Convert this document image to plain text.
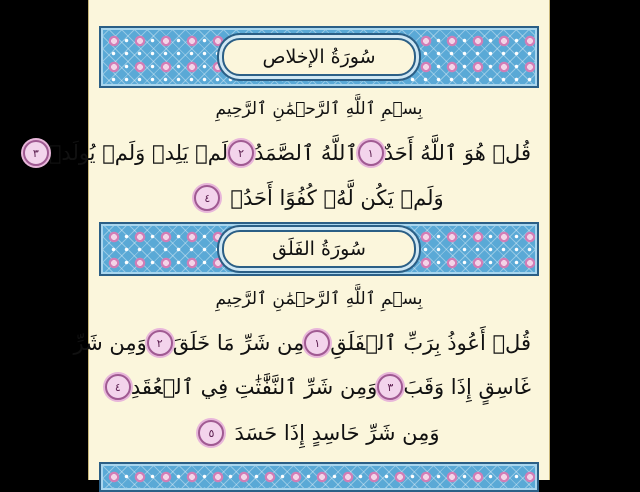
سُورَةُ الإخلاص
بِسۡمِ ٱللَّهِ ٱلرَّحۡمَٰنِ ٱلرَّحِيمِ
قُلۡ هُوَ ٱللَّهُ أَحَدٌ
١
ٱللَّهُ ٱلصَّمَدُ
٢
لَمۡ يَلِدۡ وَلَمۡ يُولَدۡ
٣
وَلَمۡ يَكُن لَّهُۥ كُفُوًا أَحَدُۢ
٤
سُورَةُ الفَلَق
بِسۡمِ ٱللَّهِ ٱلرَّحۡمَٰنِ ٱلرَّحِيمِ
قُلۡ أَعُوذُ بِرَبِّ ٱلۡفَلَقِ
١
مِن شَرِّ مَا خَلَقَ
٢
وَمِن شَرِّ
غَاسِقٍ إِذَا وَقَبَ
٣
وَمِن شَرِّ ٱلنَّفَّٰثَٰتِ فِي ٱلۡعُقَدِ
٤
وَمِن شَرِّ حَاسِدٍ إِذَا حَسَدَ
٥
